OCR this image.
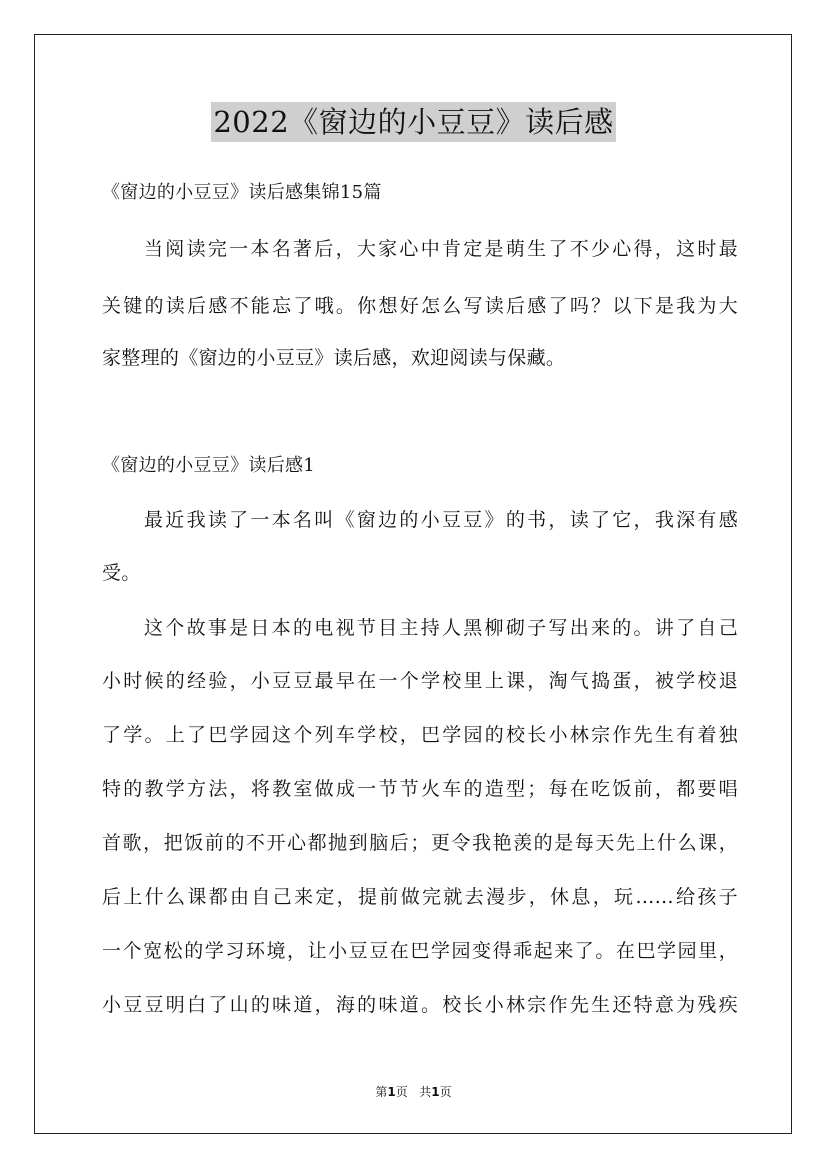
2022《窗边的小豆豆》读后感
《窗边的小豆豆》读后感集锦15篇
当阅读完一本名著后，大家心中肯定是萌生了不少心得，这时最
关键的读后感不能忘了哦。你想好怎么写读后感了吗？以下是我为大
家整理的《窗边的小豆豆》读后感，欢迎阅读与保藏。
《窗边的小豆豆》读后感1
最近我读了一本名叫《窗边的小豆豆》的书，读了它，我深有感
受。
这个故事是日本的电视节目主持人黑柳砌子写出来的。讲了自己
小时候的经验，小豆豆最早在一个学校里上课，淘气捣蛋，被学校退
了学。上了巴学园这个列车学校，巴学园的校长小林宗作先生有着独
特的教学方法，将教室做成一节节火车的造型；每在吃饭前，都要唱
首歌，把饭前的不开心都抛到脑后；更令我艳羡的是每天先上什么课，
后上什么课都由自己来定，提前做完就去漫步，休息，玩……给孩子
一个宽松的学习环境，让小豆豆在巴学园变得乖起来了。在巴学园里，
小豆豆明白了山的味道，海的味道。校长小林宗作先生还特意为残疾
第1页 共1页
